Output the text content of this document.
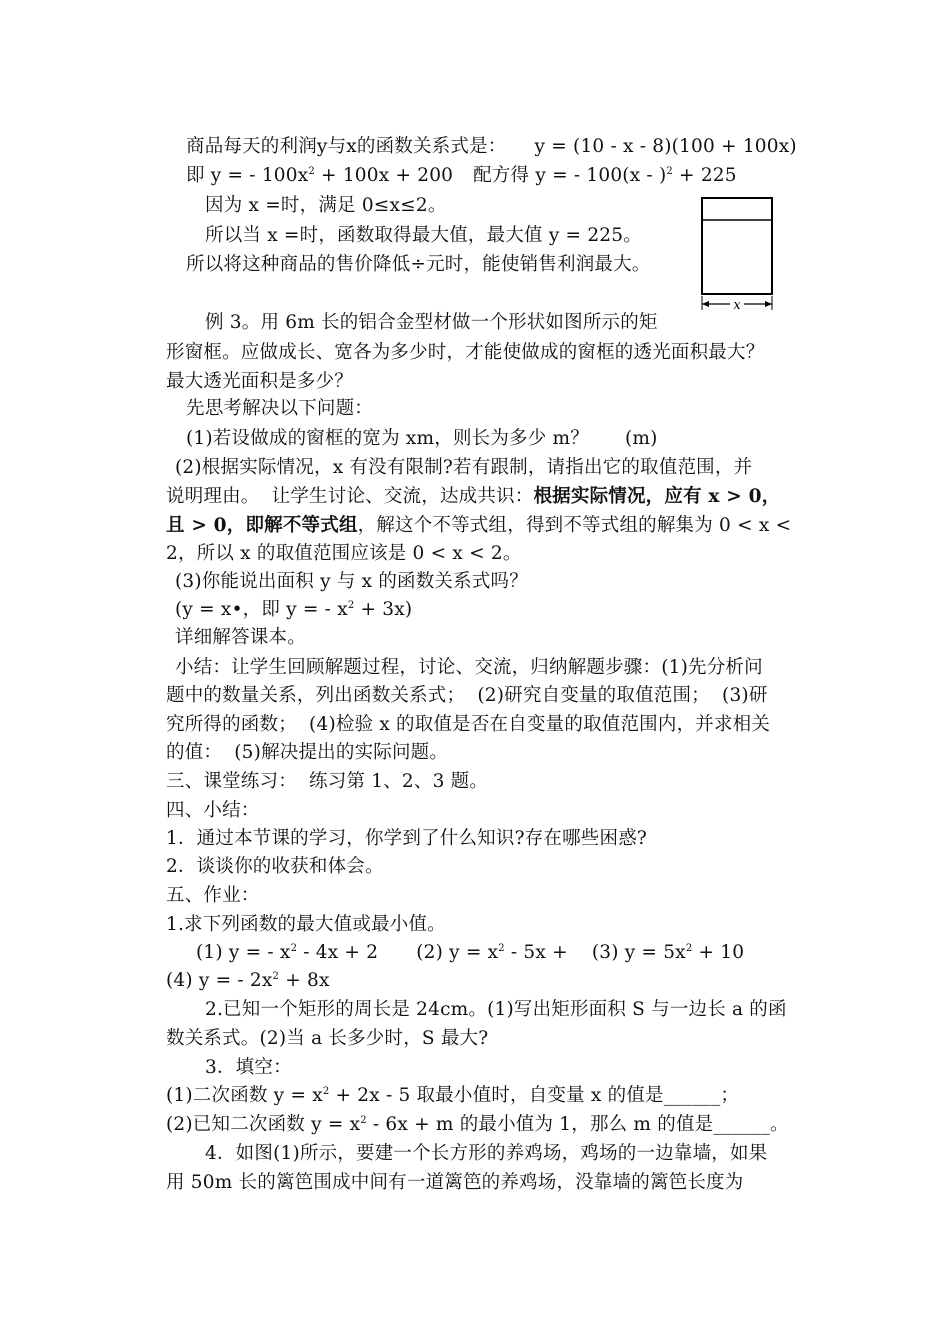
商品每天的利润y与x的函数关系式是： y = (10 - x - 8)(100 + 100x)
即 y = - $100x^2 + 100x + 200$ 配方得 y = - 100(x - )$^2$ + 225
因为 x =时，满足 0≤x≤2。
所以当 x =时，函数取得最大值，最大值 y = 225。
所以将这种商品的售价降低÷元时，能使销售利润最大。
x
例 3。用 6m 长的铝合金型材做一个形状如图所示的矩
形窗框。应做成长、宽各为多少时，才能使做成的窗框的透光面积最大？
最大透光面积是多少？
先思考解决以下问题：
(1)若设做成的窗框的宽为 xm，则长为多少 m？ (m)
(2)根据实际情况，x 有没有限制?若有跟制，请指出它的取值范围，并
说明理由。  让学生讨论、交流，达成共识：根据实际情况，应有 x > 0，
且 > 0，即解不等式组，解这个不等式组，得到不等式组的解集为 0 < x <
2，所以 x 的取值范围应该是 0 < x < 2。
(3)你能说出面积 y 与 x 的函数关系式吗？
(y = x•，即 y = - $x^2 + 3x$)
详细解答课本。
小结：让学生回顾解题过程，讨论、交流，归纳解题步骤：(1)先分析问
题中的数量关系，列出函数关系式；  (2)研究自变量的取值范围；  (3)研
究所得的函数；  (4)检验 x 的取值是否在自变量的取值范围内，并求相关
的值：  (5)解决提出的实际问题。
三、课堂练习：  练习第 1、2、3 题。
四、小结：
1．通过本节课的学习，你学到了什么知识?存在哪些困惑?
2．谈谈你的收获和体会。
五、作业：
1.求下列函数的最大值或最小值。
(1) y = - $x^2 - 4x + 2$ (2) $y = x^2 - 5x + (3) y = 5x^2 + 10$
(4) y = - $2x^2 + 8x$
2.已知一个矩形的周长是 24cm。(1)写出矩形面积 S 与一边长 a 的函
数关系式。(2)当 a 长多少时，S 最大?
3．填空：
(1)二次函数 $y = x^2 + 2x - 5$ 取最小值时，自变量 x 的值是______；
(2)已知二次函数 $y = x^2 - 6x + m$ 的最小值为 1，那么 m 的值是______。
4．如图(1)所示，要建一个长方形的养鸡场，鸡场的一边靠墙，如果
用 50m 长的篱笆围成中间有一道篱笆的养鸡场，没靠墙的篱笆长度为
